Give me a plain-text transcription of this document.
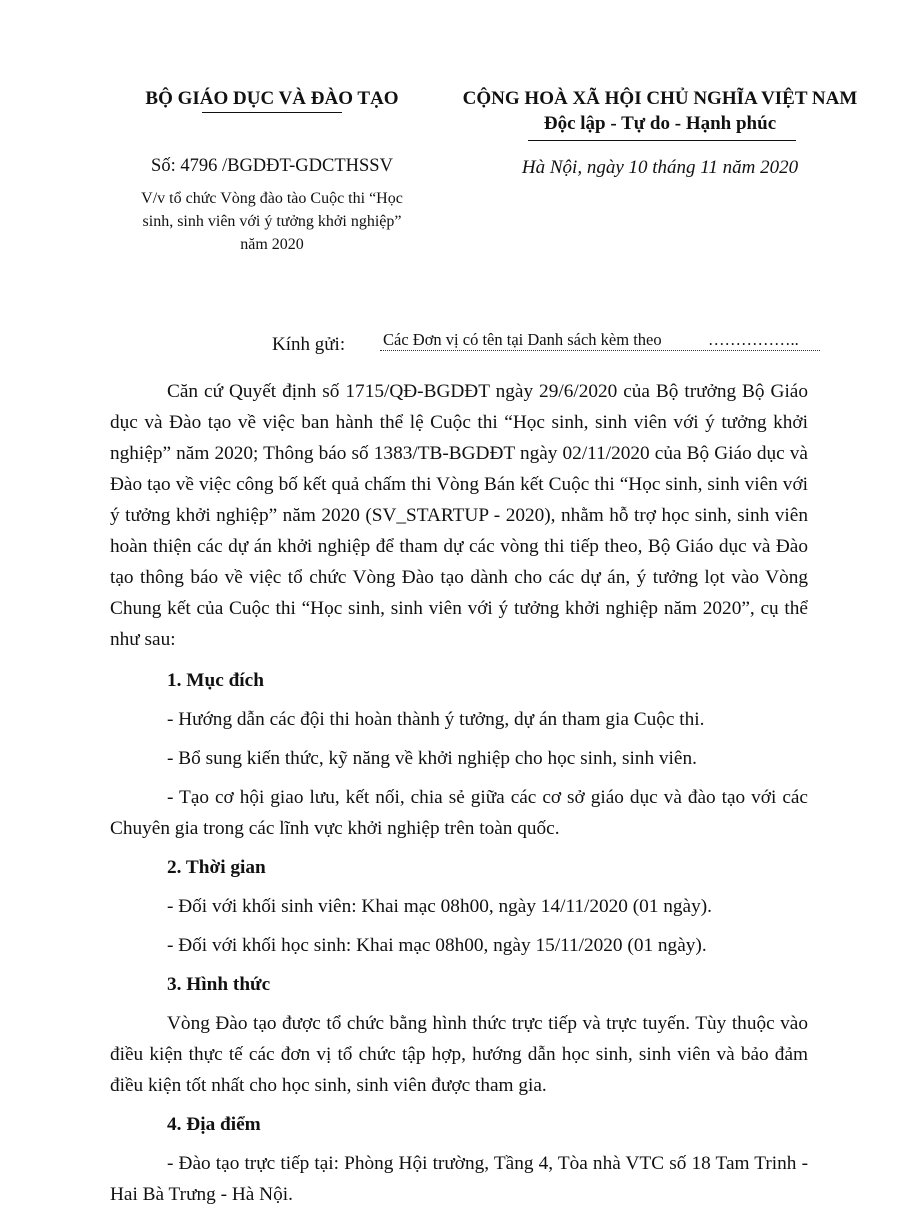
BỘ GIÁO DỤC VÀ ĐÀO TẠO
Số: 4796 /BGDĐT-GDCTHSSV
V/v tổ chức Vòng đào tào Cuộc thi “Học sinh, sinh viên với ý tưởng khởi nghiệp” năm 2020
CỘNG HOÀ XÃ HỘI CHỦ NGHĨA VIỆT NAM
Độc lập - Tự do - Hạnh phúc
Hà Nội, ngày 10 tháng 11 năm 2020
Kính gửi: Các Đơn vị có tên tại Danh sách kèm theo	……………..

Căn cứ Quyết định số 1715/QĐ-BGDĐT ngày 29/6/2020 của Bộ trưởng Bộ Giáo dục và Đào tạo về việc ban hành thể lệ Cuộc thi “Học sinh, sinh viên với ý tưởng khởi nghiệp” năm 2020; Thông báo số 1383/TB-BGDĐT ngày 02/11/2020 của Bộ Giáo dục và Đào tạo về việc công bố kết quả chấm thi Vòng Bán kết Cuộc thi “Học sinh, sinh viên với ý tưởng khởi nghiệp” năm 2020 (SV_STARTUP - 2020), nhằm hỗ trợ học sinh, sinh viên hoàn thiện các dự án khởi nghiệp để tham dự các vòng thi tiếp theo, Bộ Giáo dục và Đào tạo thông báo về việc tổ chức Vòng Đào tạo dành cho các dự án, ý tưởng lọt vào Vòng Chung kết của Cuộc thi “Học sinh, sinh viên với ý tưởng khởi nghiệp năm 2020”, cụ thể như sau:

1. Mục đích

- Hướng dẫn các đội thi hoàn thành ý tưởng, dự án tham gia Cuộc thi.

- Bổ sung kiến thức, kỹ năng về khởi nghiệp cho học sinh, sinh viên.

- Tạo cơ hội giao lưu, kết nối, chia sẻ giữa các cơ sở giáo dục và đào tạo với các Chuyên gia trong các lĩnh vực khởi nghiệp trên toàn quốc.

2. Thời gian

- Đối với khối sinh viên: Khai mạc 08h00, ngày 14/11/2020 (01 ngày).

- Đối với khối học sinh: Khai mạc 08h00, ngày 15/11/2020 (01 ngày).

3. Hình thức

Vòng Đào tạo được tổ chức bằng hình thức trực tiếp và trực tuyến. Tùy thuộc vào điều kiện thực tế các đơn vị tổ chức tập hợp, hướng dẫn học sinh, sinh viên và bảo đảm điều kiện tốt nhất cho học sinh, sinh viên được tham gia.

4. Địa điểm

- Đào tạo trực tiếp tại: Phòng Hội trường, Tầng 4, Tòa nhà VTC số 18 Tam Trinh - Hai Bà Trưng - Hà Nội.
